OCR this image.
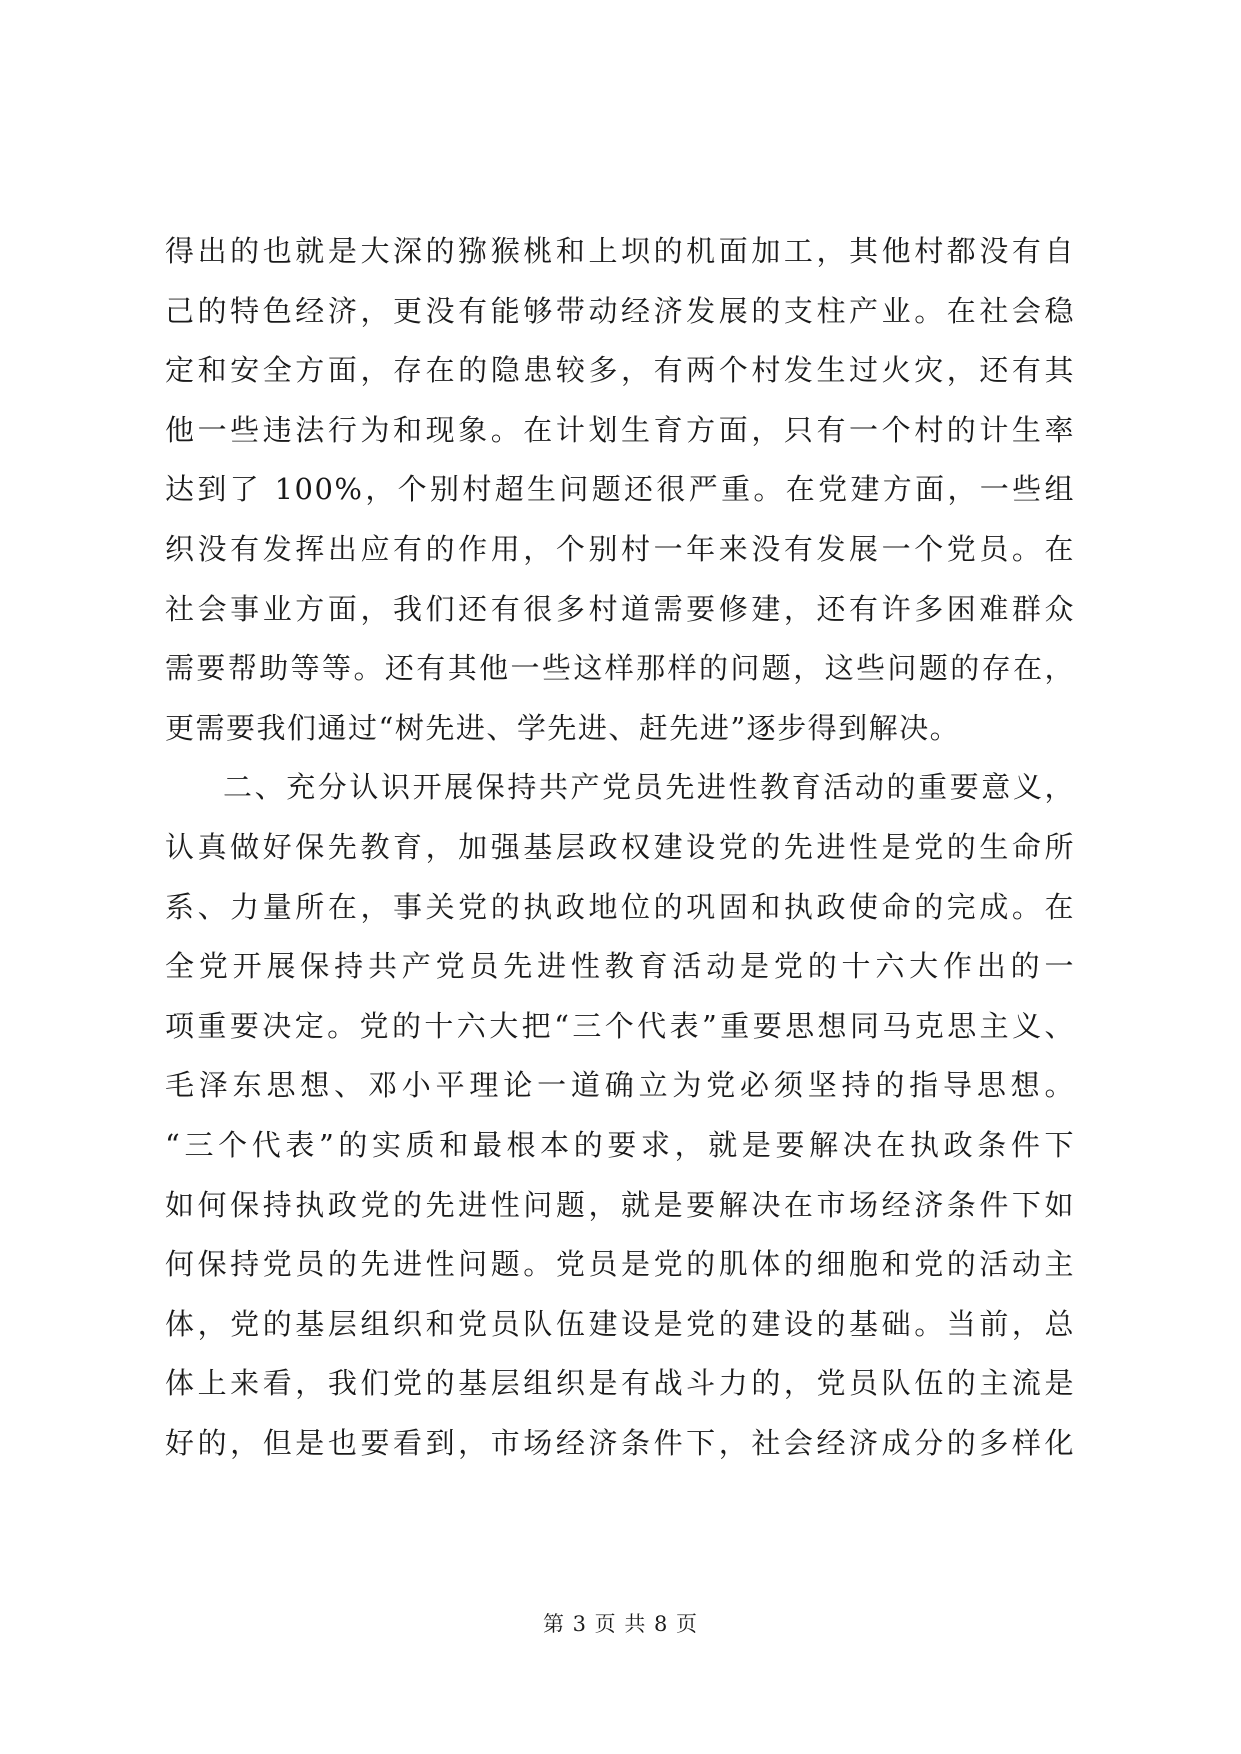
得出的也就是大深的猕猴桃和上坝的机面加工，其他村都没有自
己的特色经济，更没有能够带动经济发展的支柱产业。在社会稳
定和安全方面，存在的隐患较多，有两个村发生过火灾，还有其
他一些违法行为和现象。在计划生育方面，只有一个村的计生率
达到了 100%，个别村超生问题还很严重。在党建方面，一些组
织没有发挥出应有的作用，个别村一年来没有发展一个党员。在
社会事业方面，我们还有很多村道需要修建，还有许多困难群众
需要帮助等等。还有其他一些这样那样的问题，这些问题的存在，
更需要我们通过“树先进、学先进、赶先进”逐步得到解决。
二、充分认识开展保持共产党员先进性教育活动的重要意义，
认真做好保先教育，加强基层政权建设党的先进性是党的生命所
系、力量所在，事关党的执政地位的巩固和执政使命的完成。在
全党开展保持共产党员先进性教育活动是党的十六大作出的一
项重要决定。党的十六大把“三个代表”重要思想同马克思主义、
毛泽东思想、邓小平理论一道确立为党必须坚持的指导思想。
“三个代表”的实质和最根本的要求，就是要解决在执政条件下
如何保持执政党的先进性问题，就是要解决在市场经济条件下如
何保持党员的先进性问题。党员是党的肌体的细胞和党的活动主
体，党的基层组织和党员队伍建设是党的建设的基础。当前，总
体上来看，我们党的基层组织是有战斗力的，党员队伍的主流是
好的，但是也要看到，市场经济条件下，社会经济成分的多样化
第 3 页 共 8 页
